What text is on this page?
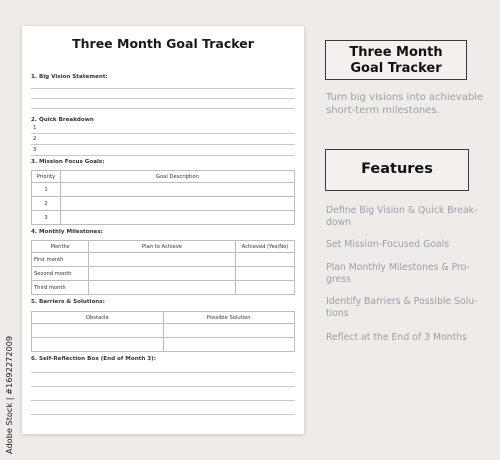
Three Month Goal Tracker
1. Big Vision Statement:
2. Quick Breakdown
1
2
3
3. Mission Focus Goals:
Priority	Goal Description
1	
2	
3	
4. Monthly Milestones:
Months	Plan to Achieve	Achieved (Yes/No)
First month		
Second month		
Third month		
5. Barriers & Solutions:
Obstacle	Possible Solution

6. Self-Reflection Box (End of Month 3):
Three Month
Goal Tracker
Turn big visions into achievable short-term milestones.
Features
Define Big Vision & Quick Break- down
Set Mission-Focused Goals
Plan Monthly Milestones & Pro- gress
Identify Barriers & Possible Solu- tions
Reflect at the End of 3 Months
Adobe Stock | #1692272009
